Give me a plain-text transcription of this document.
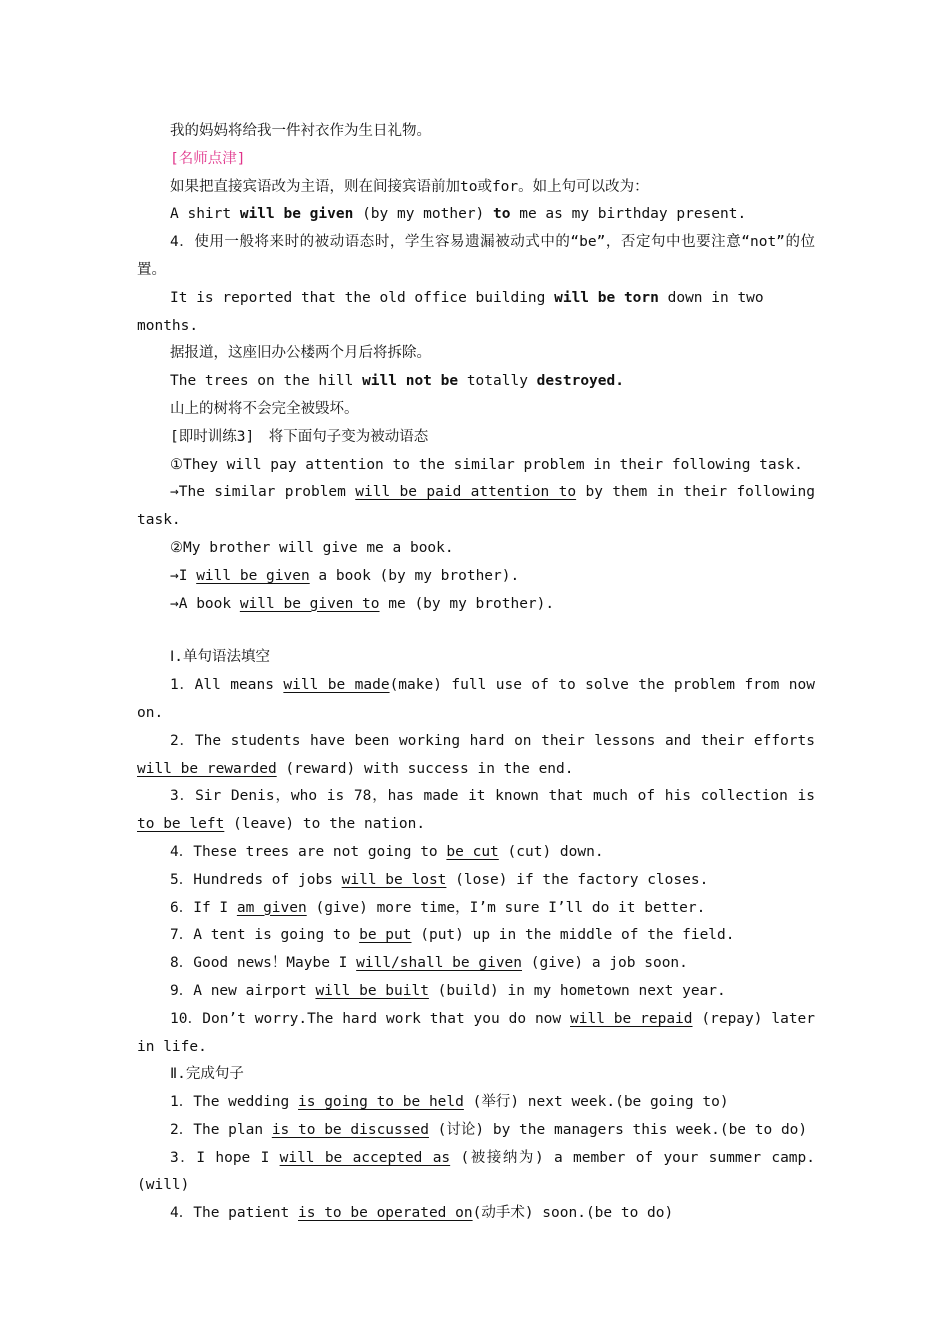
我的妈妈将给我一件衬衣作为生日礼物。

[名师点津]

如果把直接宾语改为主语，则在间接宾语前加to或for。如上句可以改为：

A shirt will be given (by my mother) to me as my birthday present.

4．使用一般将来时的被动语态时，学生容易遗漏被动式中的“be”，否定句中也要注意“not”的位置。

It is reported that the old office building will be torn down in two months.

据报道，这座旧办公楼两个月后将拆除。

The trees on the hill will not be totally destroyed.

山上的树将不会完全被毁坏。

[即时训练3]　将下面句子变为被动语态

①They will pay attention to the similar problem in their following task.

→The similar problem will be paid attention to by them in their following task.

②My brother will give me a book.

→I will be given a book (by my brother).

→A book will be given to me (by my brother).

Ⅰ.单句语法填空

1．All means will be made(make) full use of to solve the problem from now on.

2．The students have been working hard on their lessons and their efforts will be rewarded (reward) with success in the end.

3．Sir Denis，who is 78，has made it known that much of his collection is to be left (leave) to the nation.

4．These trees are not going to be cut (cut) down.

5．Hundreds of jobs will be lost (lose) if the factory closes.

6．If I am given (give) more time，I’m sure I’ll do it better.

7．A tent is going to be put (put) up in the middle of the field.

8．Good news！Maybe I will/shall be given (give) a job soon.

9．A new airport will be built (build) in my hometown next year.

10．Don’t worry.The hard work that you do now will be repaid (repay) later in life.

Ⅱ.完成句子

1．The wedding is going to be held (举行) next week.(be going to)

2．The plan is to be discussed (讨论) by the managers this week.(be to do)

3．I hope I will be accepted as (被接纳为) a member of your summer camp.(will)

4．The patient is to be operated on(动手术) soon.(be to do)
